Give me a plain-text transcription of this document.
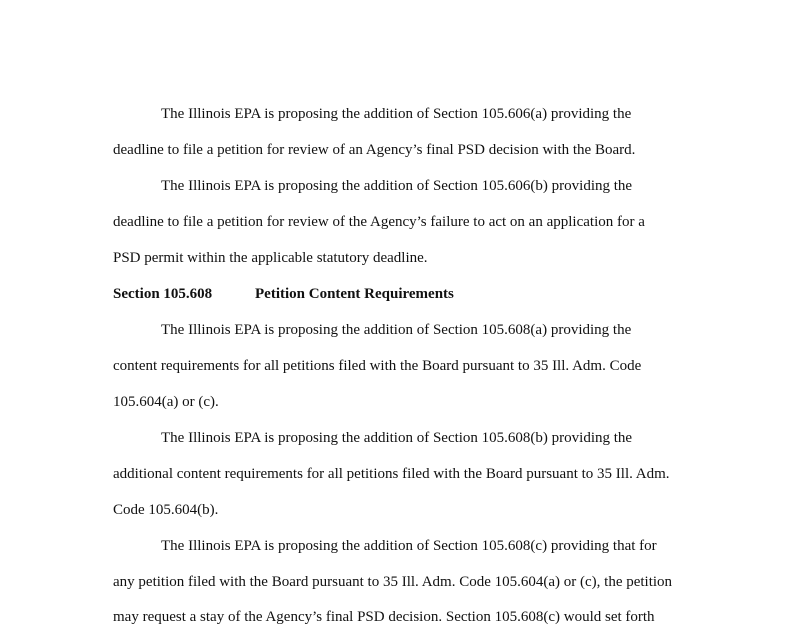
The Illinois EPA is proposing the addition of Section 105.606(a) providing the
deadline to file a petition for review of an Agency’s final PSD decision with the Board.
The Illinois EPA is proposing the addition of Section 105.606(b) providing the
deadline to file a petition for review of the Agency’s failure to act on an application for a
PSD permit within the applicable statutory deadline.
Section 105.608	Petition Content Requirements
The Illinois EPA is proposing the addition of Section 105.608(a) providing the
content requirements for all petitions filed with the Board pursuant to 35 Ill. Adm. Code
105.604(a) or (c).
The Illinois EPA is proposing the addition of Section 105.608(b) providing the
additional content requirements for all petitions filed with the Board pursuant to 35 Ill. Adm.
Code 105.604(b).
The Illinois EPA is proposing the addition of Section 105.608(c) providing that for
any petition filed with the Board pursuant to 35 Ill. Adm. Code 105.604(a) or (c), the petition
may request a stay of the Agency’s final PSD decision. Section 105.608(c) would set forth
